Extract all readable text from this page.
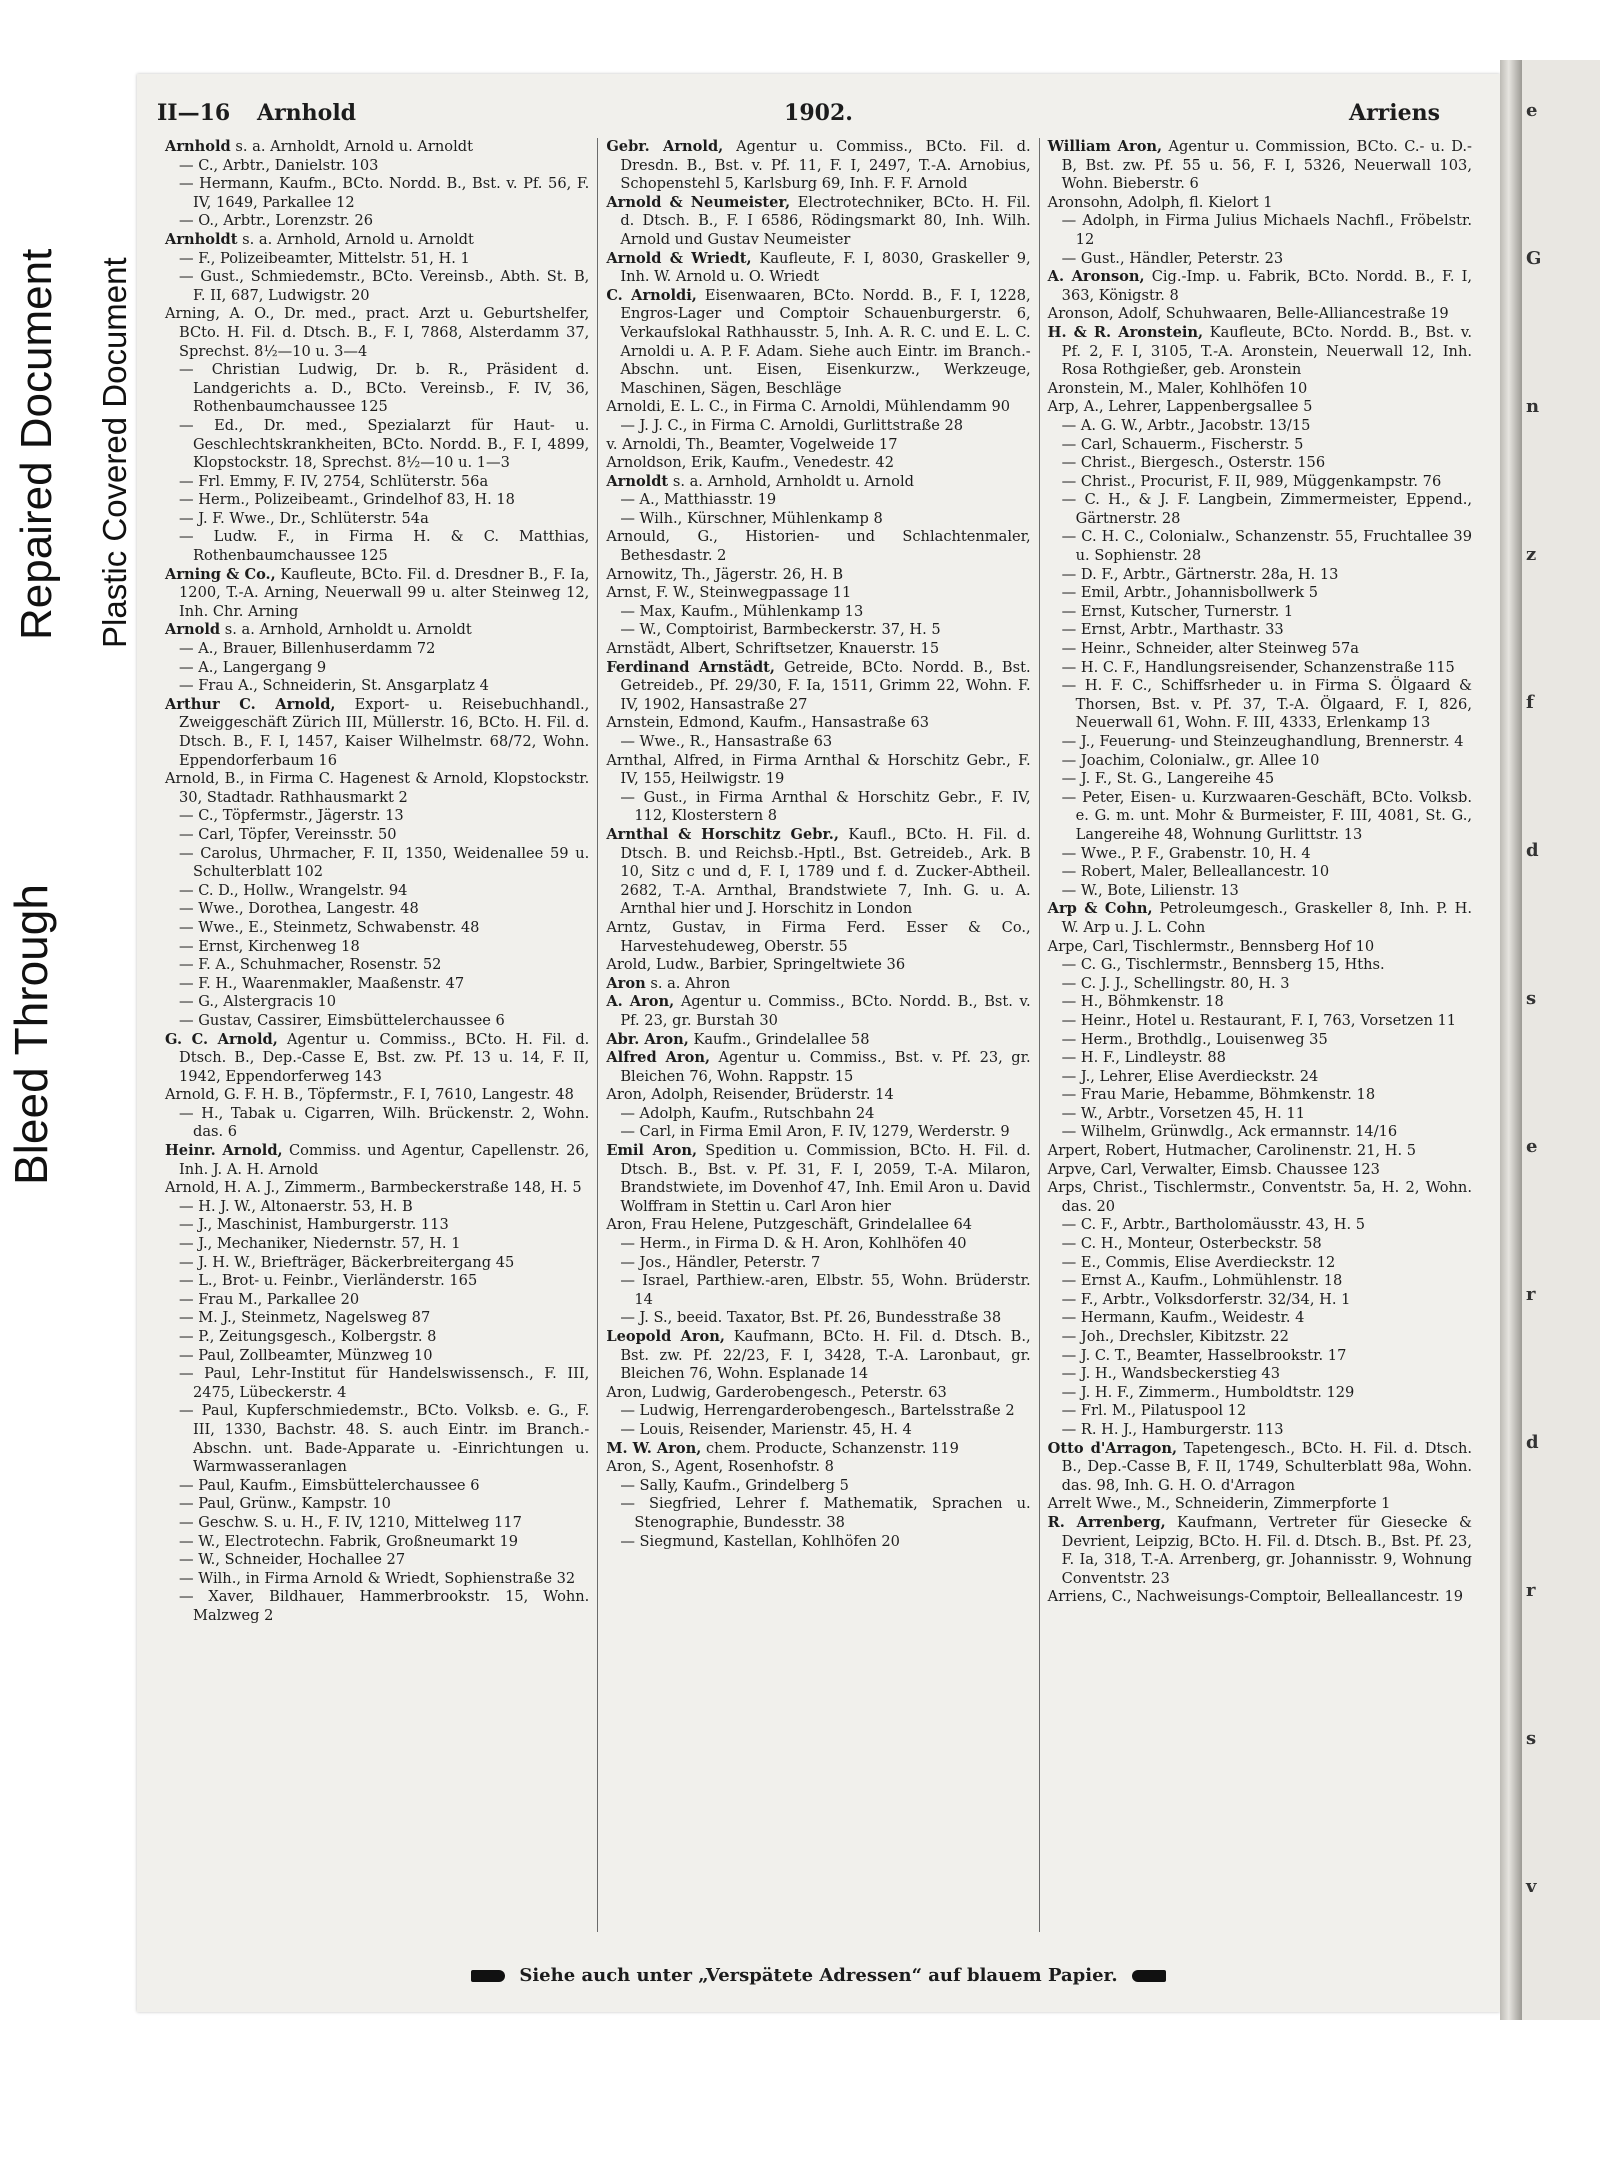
Repaired Document Plastic Covered Document
Bleed Through
II—16 Arnhold	1902.	Arriens

Arnhold s. a. Arnholdt, Arnold u. Arnoldt

— C., Arbtr., Danielstr. 103

— Hermann, Kaufm., BCto. Nordd. B., Bst. v. Pf. 56, F. IV, 1649, Parkallee 12

— O., Arbtr., Lorenzstr. 26

Arnholdt s. a. Arnhold, Arnold u. Arnoldt

— F., Polizeibeamter, Mittelstr. 51, H. 1

— Gust., Schmiedemstr., BCto. Vereinsb., Abth. St. B, F. II, 687, Ludwigstr. 20

Arning, A. O., Dr. med., pract. Arzt u. Geburtshelfer, BCto. H. Fil. d. Dtsch. B., F. I, 7868, Alsterdamm 37, Sprechst. 8½—10 u. 3—4

— Christian Ludwig, Dr. b. R., Präsident d. Landgerichts a. D., BCto. Vereinsb., F. IV, 36, Rothenbaumchaussee 125

— Ed., Dr. med., Spezialarzt für Haut- u. Geschlechtskrankheiten, BCto. Nordd. B., F. I, 4899, Klopstockstr. 18, Sprechst. 8½—10 u. 1—3

— Frl. Emmy, F. IV, 2754, Schlüterstr. 56a

— Herm., Polizeibeamt., Grindelhof 83, H. 18

— J. F. Wwe., Dr., Schlüterstr. 54a

— Ludw. F., in Firma H. & C. Matthias, Rothenbaumchaussee 125

Arning & Co., Kaufleute, BCto. Fil. d. Dresdner B., F. Ia, 1200, T.-A. Arning, Neuerwall 99 u. alter Steinweg 12, Inh. Chr. Arning

Arnold s. a. Arnhold, Arnholdt u. Arnoldt

— A., Brauer, Billenhuserdamm 72

— A., Langergang 9

— Frau A., Schneiderin, St. Ansgarplatz 4

Arthur C. Arnold, Export- u. Reisebuchhandl., Zweiggeschäft Zürich III, Müllerstr. 16, BCto. H. Fil. d. Dtsch. B., F. I, 1457, Kaiser Wilhelmstr. 68/72, Wohn. Eppendorferbaum 16

Arnold, B., in Firma C. Hagenest & Arnold, Klopstockstr. 30, Stadtadr. Rathhausmarkt 2

— C., Töpfermstr., Jägerstr. 13

— Carl, Töpfer, Vereinsstr. 50

— Carolus, Uhrmacher, F. II, 1350, Weidenallee 59 u. Schulterblatt 102

— C. D., Hollw., Wrangelstr. 94

— Wwe., Dorothea, Langestr. 48

— Wwe., E., Steinmetz, Schwabenstr. 48

— Ernst, Kirchenweg 18

— F. A., Schuhmacher, Rosenstr. 52

— F. H., Waarenmakler, Maaßenstr. 47

— G., Alstergracis 10

— Gustav, Cassirer, Eimsbüttelerchaussee 6

G. C. Arnold, Agentur u. Commiss., BCto. H. Fil. d. Dtsch. B., Dep.-Casse E, Bst. zw. Pf. 13 u. 14, F. II, 1942, Eppendorferweg 143

Arnold, G. F. H. B., Töpfermstr., F. I, 7610, Langestr. 48

— H., Tabak u. Cigarren, Wilh. Brückenstr. 2, Wohn. das. 6

Heinr. Arnold, Commiss. und Agentur, Capellenstr. 26, Inh. J. A. H. Arnold

Arnold, H. A. J., Zimmerm., Barmbeckerstraße 148, H. 5

— H. J. W., Altonaerstr. 53, H. B

— J., Maschinist, Hamburgerstr. 113

— J., Mechaniker, Niedernstr. 57, H. 1

— J. H. W., Briefträger, Bäckerbreitergang 45

— L., Brot- u. Feinbr., Vierländerstr. 165

— Frau M., Parkallee 20

— M. J., Steinmetz, Nagelsweg 87

— P., Zeitungsgesch., Kolbergstr. 8

— Paul, Zollbeamter, Münzweg 10

— Paul, Lehr-Institut für Handelswissensch., F. III, 2475, Lübeckerstr. 4

— Paul, Kupferschmiedemstr., BCto. Volksb. e. G., F. III, 1330, Bachstr. 48. S. auch Eintr. im Branch.-Abschn. unt. Bade-Apparate u. -Einrichtungen u. Warmwasseranlagen

— Paul, Kaufm., Eimsbüttelerchaussee 6

— Paul, Grünw., Kampstr. 10

— Geschw. S. u. H., F. IV, 1210, Mittelweg 117

— W., Electrotechn. Fabrik, Großneumarkt 19

— W., Schneider, Hochallee 27

— Wilh., in Firma Arnold & Wriedt, Sophienstraße 32

— Xaver, Bildhauer, Hammerbrookstr. 15, Wohn. Malzweg 2

Gebr. Arnold, Agentur u. Commiss., BCto. Fil. d. Dresdn. B., Bst. v. Pf. 11, F. I, 2497, T.-A. Arnobius, Schopenstehl 5, Karlsburg 69, Inh. F. F. Arnold

Arnold & Neumeister, Electrotechniker, BCto. H. Fil. d. Dtsch. B., F. I 6586, Rödingsmarkt 80, Inh. Wilh. Arnold und Gustav Neumeister

Arnold & Wriedt, Kaufleute, F. I, 8030, Graskeller 9, Inh. W. Arnold u. O. Wriedt

C. Arnoldi, Eisenwaaren, BCto. Nordd. B., F. I, 1228, Engros-Lager und Comptoir Schauenburgerstr. 6, Verkaufslokal Rathhausstr. 5, Inh. A. R. C. und E. L. C. Arnoldi u. A. P. F. Adam. Siehe auch Eintr. im Branch.-Abschn. unt. Eisen, Eisenkurzw., Werkzeuge, Maschinen, Sägen, Beschläge

Arnoldi, E. L. C., in Firma C. Arnoldi, Mühlendamm 90

— J. J. C., in Firma C. Arnoldi, Gurlittstraße 28

v. Arnoldi, Th., Beamter, Vogelweide 17

Arnoldson, Erik, Kaufm., Venedestr. 42

Arnoldt s. a. Arnhold, Arnholdt u. Arnold

— A., Matthiasstr. 19

— Wilh., Kürschner, Mühlenkamp 8

Arnould, G., Historien- und Schlachtenmaler, Bethesdastr. 2

Arnowitz, Th., Jägerstr. 26, H. B

Arnst, F. W., Steinwegpassage 11

— Max, Kaufm., Mühlenkamp 13

— W., Comptoirist, Barmbeckerstr. 37, H. 5

Arnstädt, Albert, Schriftsetzer, Knauerstr. 15

Ferdinand Arnstädt, Getreide, BCto. Nordd. B., Bst. Getreideb., Pf. 29/30, F. Ia, 1511, Grimm 22, Wohn. F. IV, 1902, Hansastraße 27

Arnstein, Edmond, Kaufm., Hansastraße 63

— Wwe., R., Hansastraße 63

Arnthal, Alfred, in Firma Arnthal & Horschitz Gebr., F. IV, 155, Heilwigstr. 19

— Gust., in Firma Arnthal & Horschitz Gebr., F. IV, 112, Klosterstern 8

Arnthal & Horschitz Gebr., Kaufl., BCto. H. Fil. d. Dtsch. B. und Reichsb.-Hptl., Bst. Getreideb., Ark. B 10, Sitz c und d, F. I, 1789 und f. d. Zucker-Abtheil. 2682, T.-A. Arnthal, Brandstwiete 7, Inh. G. u. A. Arnthal hier und J. Horschitz in London

Arntz, Gustav, in Firma Ferd. Esser & Co., Harvestehudeweg, Oberstr. 55

Arold, Ludw., Barbier, Springeltwiete 36

Aron s. a. Ahron

A. Aron, Agentur u. Commiss., BCto. Nordd. B., Bst. v. Pf. 23, gr. Burstah 30

Abr. Aron, Kaufm., Grindelallee 58

Alfred Aron, Agentur u. Commiss., Bst. v. Pf. 23, gr. Bleichen 76, Wohn. Rappstr. 15

Aron, Adolph, Reisender, Brüderstr. 14

— Adolph, Kaufm., Rutschbahn 24

— Carl, in Firma Emil Aron, F. IV, 1279, Werderstr. 9

Emil Aron, Spedition u. Commission, BCto. H. Fil. d. Dtsch. B., Bst. v. Pf. 31, F. I, 2059, T.-A. Milaron, Brandstwiete, im Dovenhof 47, Inh. Emil Aron u. David Wolffram in Stettin u. Carl Aron hier

Aron, Frau Helene, Putzgeschäft, Grindelallee 64

— Herm., in Firma D. & H. Aron, Kohlhöfen 40

— Jos., Händler, Peterstr. 7

— Israel, Parthiew.-aren, Elbstr. 55, Wohn. Brüderstr. 14

— J. S., beeid. Taxator, Bst. Pf. 26, Bundesstraße 38

Leopold Aron, Kaufmann, BCto. H. Fil. d. Dtsch. B., Bst. zw. Pf. 22/23, F. I, 3428, T.-A. Laronbaut, gr. Bleichen 76, Wohn. Esplanade 14

Aron, Ludwig, Garderobengesch., Peterstr. 63

— Ludwig, Herrengarderobengesch., Bartelsstraße 2

— Louis, Reisender, Marienstr. 45, H. 4

M. W. Aron, chem. Producte, Schanzenstr. 119

Aron, S., Agent, Rosenhofstr. 8

— Sally, Kaufm., Grindelberg 5

— Siegfried, Lehrer f. Mathematik, Sprachen u. Stenographie, Bundesstr. 38

— Siegmund, Kastellan, Kohlhöfen 20

William Aron, Agentur u. Commission, BCto. C.- u. D.-B, Bst. zw. Pf. 55 u. 56, F. I, 5326, Neuerwall 103, Wohn. Bieberstr. 6

Aronsohn, Adolph, fl. Kielort 1

— Adolph, in Firma Julius Michaels Nachfl., Fröbelstr. 12

— Gust., Händler, Peterstr. 23

A. Aronson, Cig.-Imp. u. Fabrik, BCto. Nordd. B., F. I, 363, Königstr. 8

Aronson, Adolf, Schuhwaaren, Belle-Alliancestraße 19

H. & R. Aronstein, Kaufleute, BCto. Nordd. B., Bst. v. Pf. 2, F. I, 3105, T.-A. Aronstein, Neuerwall 12, Inh. Rosa Rothgießer, geb. Aronstein

Aronstein, M., Maler, Kohlhöfen 10

Arp, A., Lehrer, Lappenbergsallee 5

— A. G. W., Arbtr., Jacobstr. 13/15

— Carl, Schauerm., Fischerstr. 5

— Christ., Biergesch., Osterstr. 156

— Christ., Procurist, F. II, 989, Müggenkampstr. 76

— C. H., & J. F. Langbein, Zimmermeister, Eppend., Gärtnerstr. 28

— C. H. C., Colonialw., Schanzenstr. 55, Fruchtallee 39 u. Sophienstr. 28

— D. F., Arbtr., Gärtnerstr. 28a, H. 13

— Emil, Arbtr., Johannisbollwerk 5

— Ernst, Kutscher, Turnerstr. 1

— Ernst, Arbtr., Marthastr. 33

— Heinr., Schneider, alter Steinweg 57a

— H. C. F., Handlungsreisender, Schanzenstraße 115

— H. F. C., Schiffsrheder u. in Firma S. Ölgaard & Thorsen, Bst. v. Pf. 37, T.-A. Ölgaard, F. I, 826, Neuerwall 61, Wohn. F. III, 4333, Erlenkamp 13

— J., Feuerung- und Steinzeughandlung, Brennerstr. 4

— Joachim, Colonialw., gr. Allee 10

— J. F., St. G., Langereihe 45

— Peter, Eisen- u. Kurzwaaren-Geschäft, BCto. Volksb. e. G. m. unt. Mohr & Burmeister, F. III, 4081, St. G., Langereihe 48, Wohnung Gurlittstr. 13

— Wwe., P. F., Grabenstr. 10, H. 4

— Robert, Maler, Belleallancestr. 10

— W., Bote, Lilienstr. 13

Arp & Cohn, Petroleumgesch., Graskeller 8, Inh. P. H. W. Arp u. J. L. Cohn

Arpe, Carl, Tischlermstr., Bennsberg Hof 10

— C. G., Tischlermstr., Bennsberg 15, Hths.

— C. J. J., Schellingstr. 80, H. 3

— H., Böhmkenstr. 18

— Heinr., Hotel u. Restaurant, F. I, 763, Vorsetzen 11

— Herm., Brothdlg., Louisenweg 35

— H. F., Lindleystr. 88

— J., Lehrer, Elise Averdieckstr. 24

— Frau Marie, Hebamme, Böhmkenstr. 18

— W., Arbtr., Vorsetzen 45, H. 11

— Wilhelm, Grünwdlg., Ack ermannstr. 14/16

Arpert, Robert, Hutmacher, Carolinenstr. 21, H. 5

Arpve, Carl, Verwalter, Eimsb. Chaussee 123

Arps, Christ., Tischlermstr., Conventstr. 5a, H. 2, Wohn. das. 20

— C. F., Arbtr., Bartholomäusstr. 43, H. 5

— C. H., Monteur, Osterbeckstr. 58

— E., Commis, Elise Averdieckstr. 12

— Ernst A., Kaufm., Lohmühlenstr. 18

— F., Arbtr., Volksdorferstr. 32/34, H. 1

— Hermann, Kaufm., Weidestr. 4

— Joh., Drechsler, Kibitzstr. 22

— J. C. T., Beamter, Hasselbrookstr. 17

— J. H., Wandsbeckerstieg 43

— J. H. F., Zimmerm., Humboldtstr. 129

— Frl. M., Pilatuspool 12

— R. H. J., Hamburgerstr. 113

Otto d'Arragon, Tapetengesch., BCto. H. Fil. d. Dtsch. B., Dep.-Casse B, F. II, 1749, Schulterblatt 98a, Wohn. das. 98, Inh. G. H. O. d'Arragon

Arrelt Wwe., M., Schneiderin, Zimmerpforte 1

R. Arrenberg, Kaufmann, Vertreter für Giesecke & Devrient, Leipzig, BCto. H. Fil. d. Dtsch. B., Bst. Pf. 23, F. Ia, 318, T.-A. Arrenberg, gr. Johannisstr. 9, Wohnung Conventstr. 23

Arriens, C., Nachweisungs-Comptoir, Belleallancestr. 19

Siehe auch unter „Verspätete Adressen“ auf blauem Papier.
e
G
n
z
f
d
s
e
r
d
r
s
v
